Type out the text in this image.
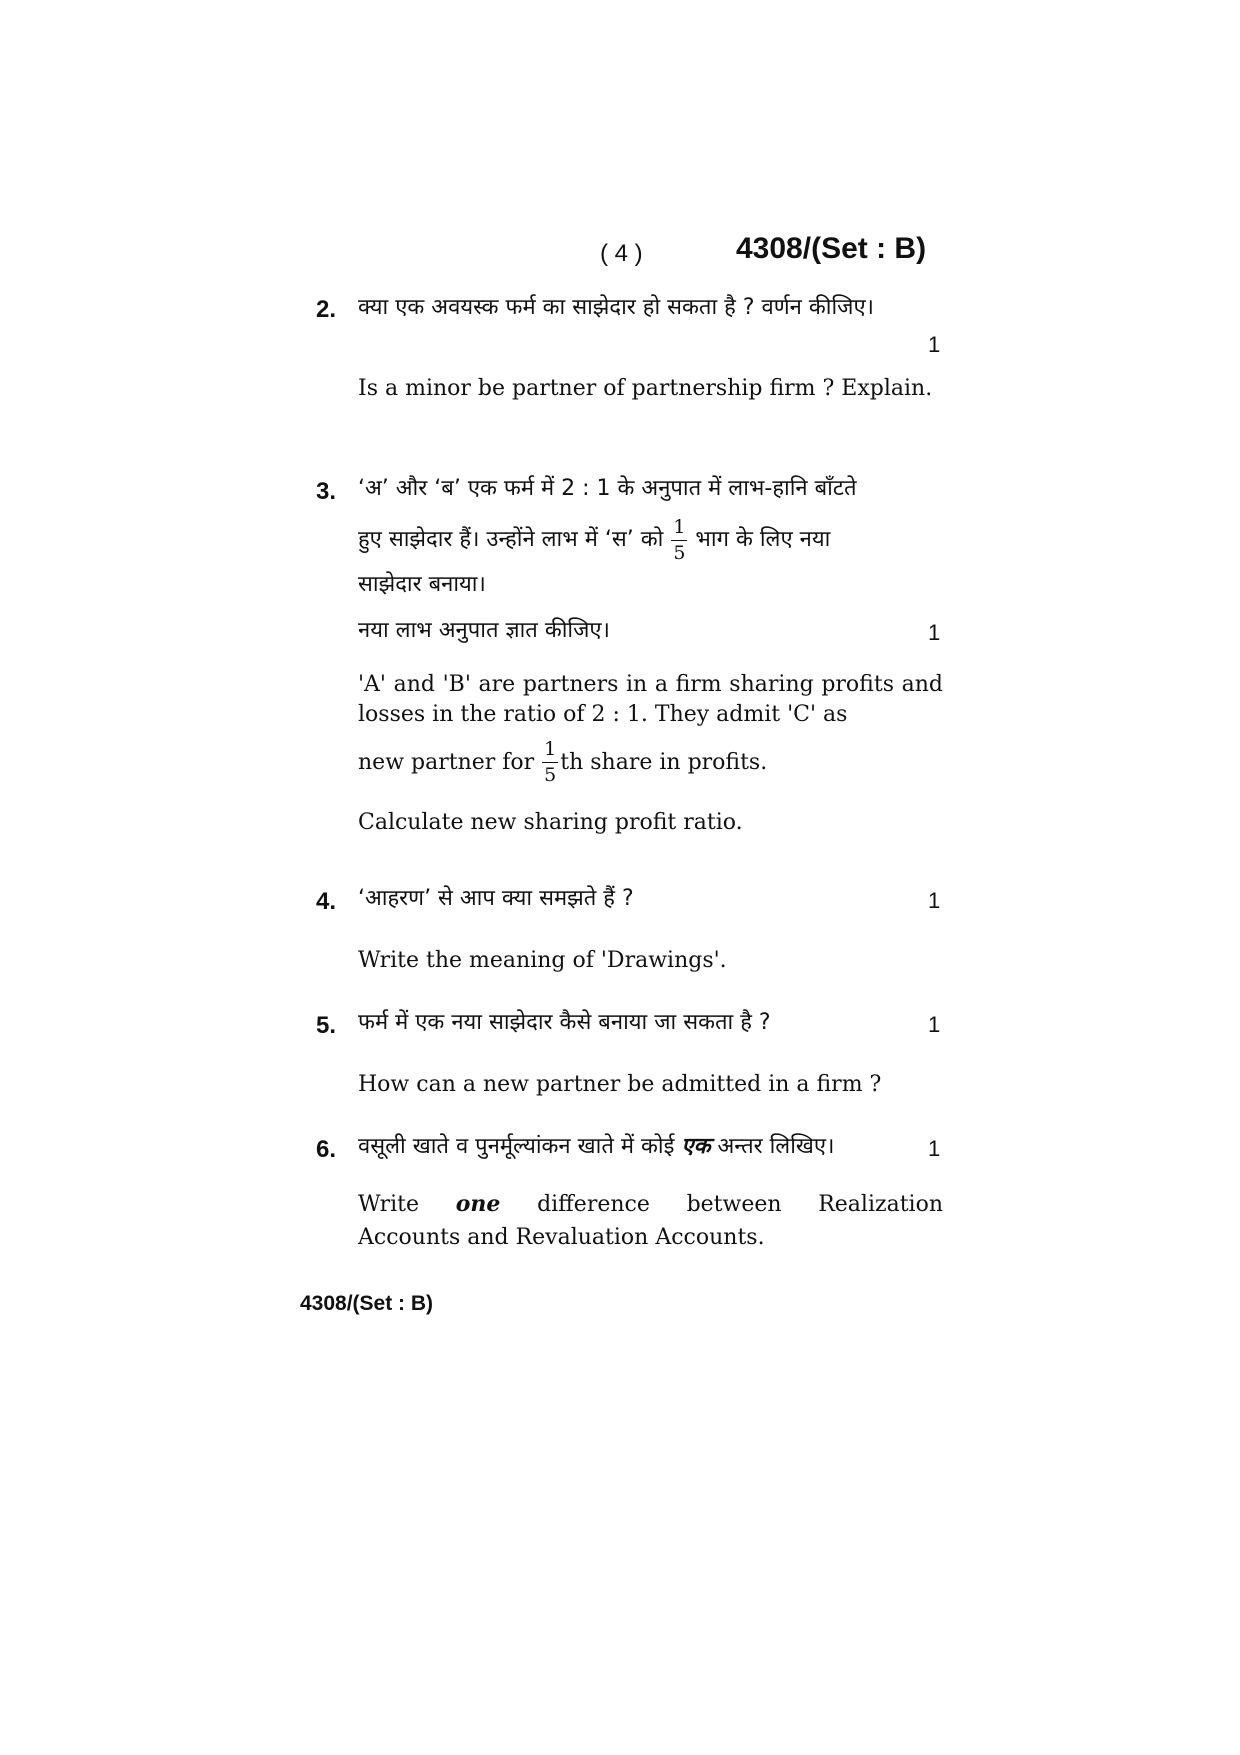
( 4 )	4308/(Set : B)
2. क्या एक अवयस्क फर्म का साझेदार हो सकता है ? वर्णन कीजिए।
1
Is a minor be partner of partnership firm ? Explain.
3. ‘अ’ और ‘ब’ एक फर्म में 2 : 1 के अनुपात में लाभ-हानि बाँटते
हुए साझेदार हैं। उन्होंने लाभ में ‘स’ को $\frac{1}{5}$ भाग के लिए नया
साझेदार बनाया।
नया लाभ अनुपात ज्ञात कीजिए।	1
'A' and 'B' are partners in a firm sharing profits and losses in the ratio of 2 : 1. They admit 'C' as
new partner for $\frac{1}{5}$ th share in profits.
Calculate new sharing profit ratio.
4. ‘आहरण’ से आप क्या समझते हैं ?	1
Write the meaning of 'Drawings'.
5. फर्म में एक नया साझेदार कैसे बनाया जा सकता है ?	1
How can a new partner be admitted in a firm ?
6. वसूली खाते व पुनर्मूल्यांकन खाते में कोई एक अन्तर लिखिए।	1
Write one difference between Realization
Accounts and Revaluation Accounts.
4308/(Set : B)
